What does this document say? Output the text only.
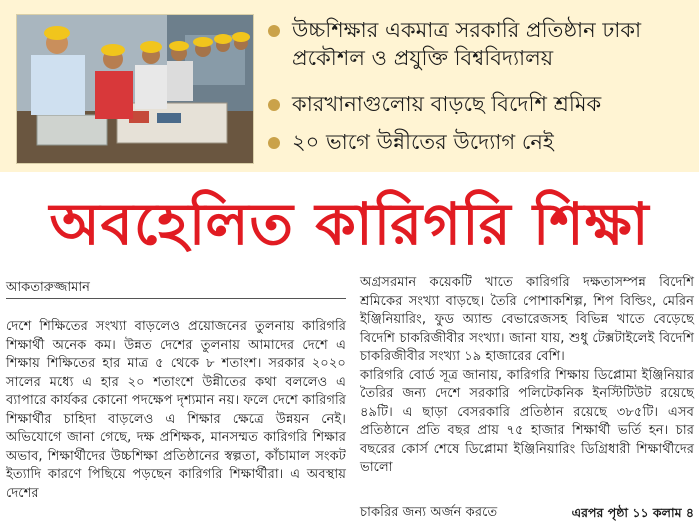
উচ্চশিক্ষার একমাত্র সরকারি প্রতিষ্ঠান ঢাকা প্রকৌশল ও প্রযুক্তি বিশ্ববিদ্যালয়
কারখানাগুলোয় বাড়ছে বিদেশি শ্রমিক
২০ ভাগে উন্নীতের উদ্যোগ নেই
অবহেলিত কারিগরি শিক্ষা
আকতারুজ্জামান

দেশে শিক্ষিতের সংখ্যা বাড়লেও প্রয়োজনের তুলনায় কারিগরি শিক্ষার্থী অনেক কম। উন্নত দেশের তুলনায় আমাদের দেশে এ শিক্ষায় শিক্ষিতের হার মাত্র ৫ থেকে ৮ শতাংশ। সরকার ২০২০ সালের মধ্যে এ হার ২০ শতাংশে উন্নীতের কথা বললেও এ ব্যাপারে কার্যকর কোনো পদক্ষেপ দৃশ্যমান নয়। ফলে দেশে কারিগরি শিক্ষার্থীর চাহিদা বাড়লেও এ শিক্ষার ক্ষেত্রে উন্নয়ন নেই। অভিযোগে জানা গেছে, দক্ষ প্রশিক্ষক, মানসম্মত কারিগরি শিক্ষার অভাব, শিক্ষার্থীদের উচ্চশিক্ষা প্রতিষ্ঠানের স্বল্পতা, কাঁচামাল সংকট ইত্যাদি কারণে পিছিয়ে পড়ছেন কারিগরি শিক্ষার্থীরা। এ অবস্থায় দেশের

অগ্রসরমান কয়েকটি খাতে কারিগরি দক্ষতাসম্পন্ন বিদেশি শ্রমিকের সংখ্যা বাড়ছে। তৈরি পোশাকশিল্প, শিপ বিল্ডিং, মেরিন ইঞ্জিনিয়ারিং, ফুড অ্যান্ড বেভারেজসহ বিভিন্ন খাতে বেড়েছে বিদেশি চাকরিজীবীর সংখ্যা। জানা যায়, শুধু টেক্সটাইলেই বিদেশি চাকরিজীবীর সংখ্যা ১৯ হাজারের বেশি।

কারিগরি বোর্ড সূত্র জানায়, কারিগরি শিক্ষায় ডিপ্লোমা ইঞ্জিনিয়ার তৈরির জন্য দেশে সরকারি পলিটেকনিক ইনস্টিটিউট রয়েছে ৪৯টি। এ ছাড়া বেসরকারি প্রতিষ্ঠান রয়েছে ৩৮৫টি। এসব প্রতিষ্ঠানে প্রতি বছর প্রায় ৭৫ হাজার শিক্ষার্থী ভর্তি হন। চার বছরের কোর্স শেষে ডিপ্লোমা ইঞ্জিনিয়ারিং ডিগ্রিধারী শিক্ষার্থীদের ভালো

চাকরির জন্য অর্জন করতে	এরপর পৃষ্ঠা ১১ কলাম ৪
